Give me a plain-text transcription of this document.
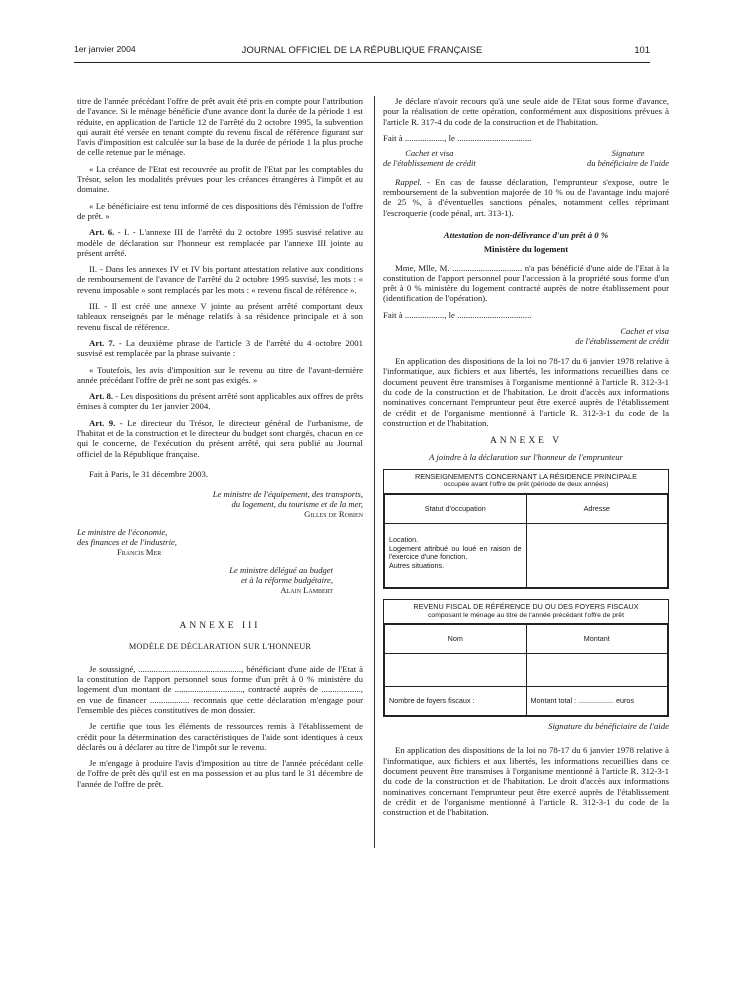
1er janvier 2004	JOURNAL OFFICIEL DE LA RÉPUBLIQUE FRANÇAISE	101

titre de l'année précédant l'offre de prêt avait été pris en compte pour l'attribution de l'avance. Si le ménage bénéficie d'une avance dont la durée de la période 1 est réduite, en application de l'article 12 de l'arrêté du 2 octobre 1995, la subvention qui aurait été versée en tenant compte du revenu fiscal de référence figurant sur l'avis d'imposition est calculée sur la base de la durée de période 1 la plus proche de celle retenue par le ménage.

« La créance de l'Etat est recouvrée au profit de l'Etat par les comptables du Trésor, selon les modalités prévues pour les créances étrangères à l'impôt et au domaine.

« Le bénéficiaire est tenu informé de ces dispositions dès l'émission de l'offre de prêt. »

Art. 6. - I. - L'annexe III de l'arrêté du 2 octobre 1995 susvisé relative au modèle de déclaration sur l'honneur est remplacée par l'annexe III jointe au présent arrêté.

II. - Dans les annexes IV et IV bis portant attestation relative aux conditions de remboursement de l'avance de l'arrêté du 2 octobre 1995 susvisé, les mots : « revenu imposable » sont remplacés par les mots : « revenu fiscal de référence ».

III. - Il est créé une annexe V jointe au présent arrêté comportant deux tableaux renseignés par le ménage relatifs à sa résidence principale et à son revenu fiscal de référence.

Art. 7. - La deuxième phrase de l'article 3 de l'arrêté du 4 octobre 2001 susvisé est remplacée par la phrase suivante :

« Toutefois, les avis d'imposition sur le revenu au titre de l'avant-dernière année précédant l'offre de prêt ne sont pas exigés. »

Art. 8. - Les dispositions du présent arrêté sont applicables aux offres de prêts émises à compter du 1er janvier 2004.

Art. 9. - Le directeur du Trésor, le directeur général de l'urbanisme, de l'habitat et de la construction et le directeur du budget sont chargés, chacun en ce qui le concerne, de l'exécution du présent arrêté, qui sera publié au Journal officiel de la République française.

Fait à Paris, le 31 décembre 2003.

Le ministre de l'équipement, des transports,
du logement, du tourisme et de la mer,
Gilles de Robien
Le ministre de l'économie,
des finances et de l'industrie,
Francis Mer
Le ministre délégué au budget
et à la réforme budgétaire,
Alain Lambert
ANNEXE III
MODÈLE DE DÉCLARATION SUR L'HONNEUR

Je soussigné, ..............................................., bénéficiant d'une aide de l'Etat à la constitution de l'apport personnel sous forme d'un prêt à 0 % ministère du logement d'un montant de ..............................., contracté auprès de .................., en vue de financer .................. reconnais que cette déclaration m'engage pour l'ensemble des pièces constitutives de mon dossier.

Je certifie que tous les éléments de ressources remis à l'établissement de crédit pour la détermination des caractéristiques de l'aide sont identiques à ceux déclarés ou à déclarer au titre de l'impôt sur le revenu.

Je m'engage à produire l'avis d'imposition au titre de l'année précédant celle de l'offre de prêt dès qu'il est en ma possession et au plus tard le 31 décembre de l'année de l'offre de prêt.

Je déclare n'avoir recours qu'à une seule aide de l'Etat sous forme d'avance, pour la réalisation de cette opération, conformément aux dispositions prévues à l'article R. 317-4 du code de la construction et de l'habitation.

Fait à .................., le ..................................

Cachet et visa
de l'établissement de crédit
Signature
du bénéficiaire de l'aide

Rappel. - En cas de fausse déclaration, l'emprunteur s'expose, outre le remboursement de la subvention majorée de 10 % ou de l'avantage indu majoré de 25 %, à d'éventuelles sanctions pénales, notamment celles réprimant l'escroquerie (code pénal, art. 313-1).

Attestation de non-délivrance d'un prêt à 0 %
Ministère du logement

Mme, Mlle, M. ................................ n'a pas bénéficié d'une aide de l'Etat à la constitution de l'apport personnel pour l'accession à la propriété sous forme d'un prêt à 0 % ministère du logement contracté auprès de notre établissement pour (identification de l'opération).

Fait à .................., le ..................................

Cachet et visa
de l'établissement de crédit

En application des dispositions de la loi no 78-17 du 6 janvier 1978 relative à l'informatique, aux fichiers et aux libertés, les informations recueillies dans ce document peuvent être transmises à l'organisme mentionné à l'article R. 312-3-1 du code de la construction et de l'habitation. Le droit d'accès aux informations nominatives concernant l'emprunteur peut être exercé auprès de l'établissement de crédit et de l'organisme mentionné à l'article R. 312-3-1 du code de la construction et de l'habitation.

ANNEXE V
A joindre à la déclaration sur l'honneur de l'emprunteur
RENSEIGNEMENTS CONCERNANT LA RÉSIDENCE PRINCIPALE
occupée avant l'offre de prêt (période de deux années)
Statut d'occupation	Adresse

Location.
Logement attribué ou loué en raison de l'exercice d'une fonction.
Autres situations.	

REVENU FISCAL DE RÉFÉRENCE DU OU DES FOYERS FISCAUX
composant le ménage au titre de l'année précédant l'offre de prêt
Nom	Montant

Nombre de foyers fiscaux :	Montant total : .................. euros
Signature du bénéficiaire de l'aide

En application des dispositions de la loi no 78-17 du 6 janvier 1978 relative à l'informatique, aux fichiers et aux libertés, les informations recueillies dans ce document peuvent être transmises à l'organisme mentionné à l'article R. 312-3-1 du code de la construction et de l'habitation. Le droit d'accès aux informations nominatives concernant l'emprunteur peut être exercé auprès de l'établissement de crédit et de l'organisme mentionné à l'article R. 312-3-1 du code de la construction et de l'habitation.
